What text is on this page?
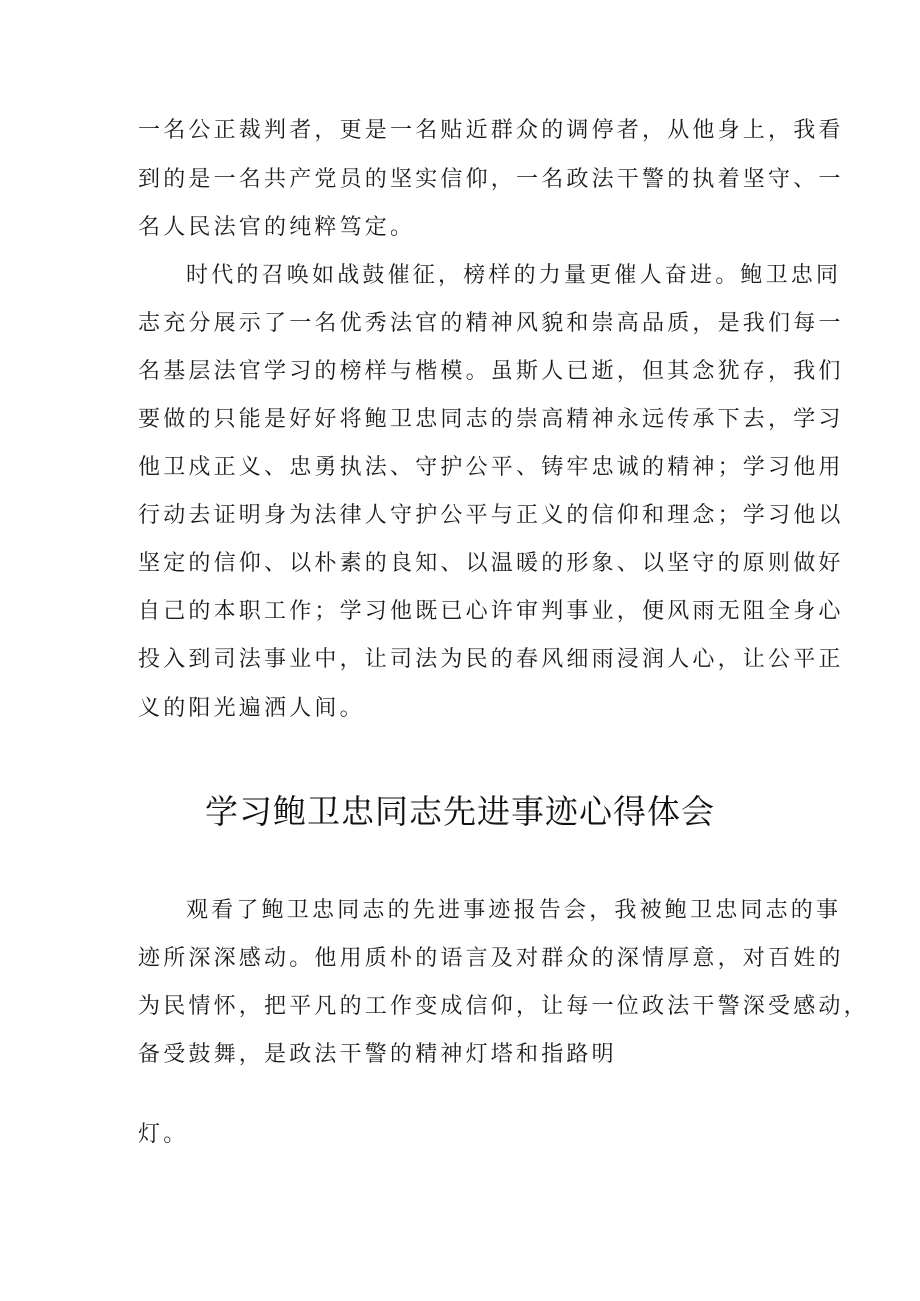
一名公正裁判者，更是一名贴近群众的调停者，从他身上，我看
到的是一名共产党员的坚实信仰，一名政法干警的执着坚守、一
名人民法官的纯粹笃定。
时代的召唤如战鼓催征，榜样的力量更催人奋进。鲍卫忠同
志充分展示了一名优秀法官的精神风貌和崇高品质，是我们每一
名基层法官学习的榜样与楷模。虽斯人已逝，但其念犹存，我们
要做的只能是好好将鲍卫忠同志的崇高精神永远传承下去，学习
他卫戍正义、忠勇执法、守护公平、铸牢忠诚的精神；学习他用
行动去证明身为法律人守护公平与正义的信仰和理念；学习他以
坚定的信仰、以朴素的良知、以温暖的形象、以坚守的原则做好
自己的本职工作；学习他既已心许审判事业，便风雨无阻全身心
投入到司法事业中，让司法为民的春风细雨浸润人心，让公平正
义的阳光遍洒人间。
学习鲍卫忠同志先进事迹心得体会
观看了鲍卫忠同志的先进事迹报告会，我被鲍卫忠同志的事
迹所深深感动。他用质朴的语言及对群众的深情厚意，对百姓的
为民情怀，把平凡的工作变成信仰，让每一位政法干警深受感动，
备受鼓舞，是政法干警的精神灯塔和指路明
灯。
